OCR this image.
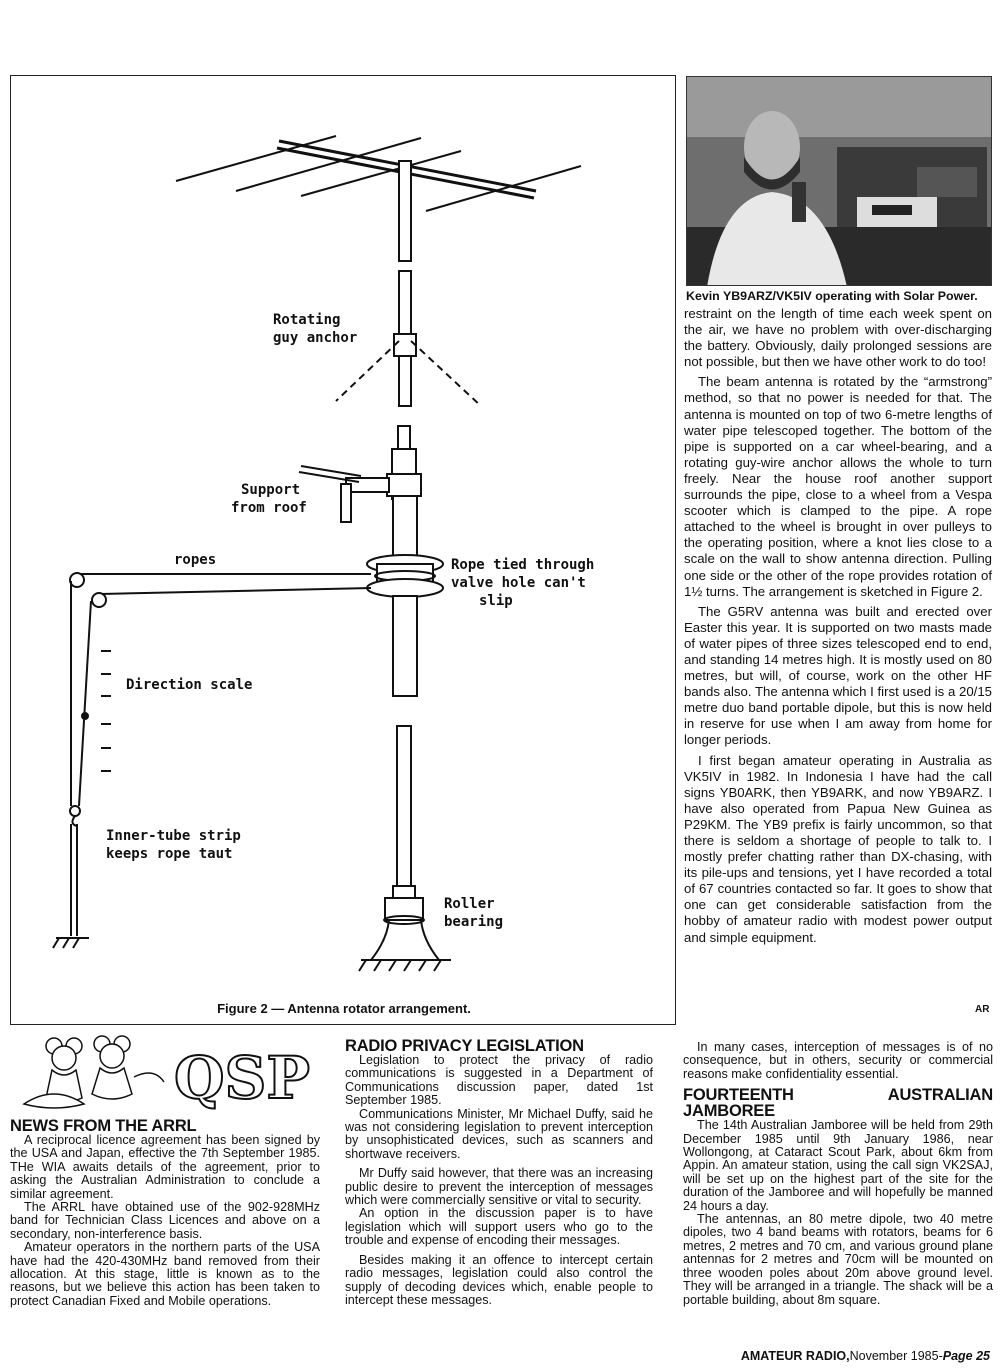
Rotating
guy anchor
Support
from roof
ropes	Rope tied through
valve hole can't
slip
Direction scale
Inner-tube strip
keeps rope taut
Roller
bearing
Figure 2 — Antenna rotator arrangement.
Kevin YB9ARZ/VK5IV operating with Solar Power.

restraint on the length of time each week spent on the air, we have no problem with over-discharging the battery. Obviously, daily prolonged sessions are not possible, but then we have other work to do too!

The beam antenna is rotated by the “armstrong” method, so that no power is needed for that. The antenna is mounted on top of two 6-metre lengths of water pipe telescoped together. The bottom of the pipe is supported on a car wheel-bearing, and a rotating guy-wire anchor allows the whole to turn freely. Near the house roof another support surrounds the pipe, close to a wheel from a Vespa scooter which is clamped to the pipe. A rope attached to the wheel is brought in over pulleys to the operating position, where a knot lies close to a scale on the wall to show antenna direction. Pulling one side or the other of the rope provides rotation of 1½ turns. The arrangement is sketched in Figure 2.

The G5RV antenna was built and erected over Easter this year. It is supported on two masts made of water pipes of three sizes telescoped end to end, and standing 14 metres high. It is mostly used on 80 metres, but will, of course, work on the other HF bands also. The antenna which I first used is a 20/15 metre duo band portable dipole, but this is now held in reserve for use when I am away from home for longer periods.

I first began amateur operating in Australia as VK5IV in 1982. In Indonesia I have had the call signs YB0ARK, then YB9ARK, and now YB9ARZ. I have also operated from Papua New Guinea as P29KM. The YB9 prefix is fairly uncommon, so that there is seldom a shortage of people to talk to. I mostly prefer chatting rather than DX-chasing, with its pile-ups and tensions, yet I have recorded a total of 67 countries contacted so far. It goes to show that one can get considerable satisfaction from the hobby of amateur radio with modest power output and simple equipment.

AR
QSP
NEWS FROM THE ARRL

A reciprocal licence agreement has been signed by the USA and Japan, effective the 7th September 1985. THe WIA awaits details of the agreement, prior to asking the Australian Administration to conclude a similar agreement.

The ARRL have obtained use of the 902-928MHz band for Technician Class Licences and above on a secondary, non-interference basis.

Amateur operators in the northern parts of the USA have had the 420-430MHz band removed from their allocation. At this stage, little is known as to the reasons, but we believe this action has been taken to protect Canadian Fixed and Mobile operations.

RADIO PRIVACY LEGISLATION

Legislation to protect the privacy of radio communications is suggested in a Department of Communications discussion paper, dated 1st September 1985.

Communications Minister, Mr Michael Duffy, said he was not considering legislation to prevent interception by unsophisticated devices, such as scanners and shortwave receivers.

Mr Duffy said however, that there was an increasing public desire to prevent the interception of messages which were commercially sensitive or vital to security.

An option in the discussion paper is to have legislation which will support users who go to the trouble and expense of encoding their messages.

Besides making it an offence to intercept certain radio messages, legislation could also control the supply of decoding devices which, enable people to intercept these messages.

In many cases, interception of messages is of no consequence, but in others, security or commercial reasons make confidentiality essential.

FOURTEENTH AUSTRALIAN JAMBOREE

The 14th Australian Jamboree will be held from 29th December 1985 until 9th January 1986, near Wollongong, at Cataract Scout Park, about 6km from Appin. An amateur station, using the call sign VK2SAJ, will be set up on the highest part of the site for the duration of the Jamboree and will hopefully be manned 24 hours a day.

The antennas, an 80 metre dipole, two 40 metre dipoles, two 4 band beams with rotators, beams for 6 metres, 2 metres and 70 cm, and various ground plane antennas for 2 metres and 70cm will be mounted on three wooden poles about 20m above ground level. They will be arranged in a triangle. The shack will be a portable building, about 8m square.

AMATEUR RADIO,November 1985-Page 25
